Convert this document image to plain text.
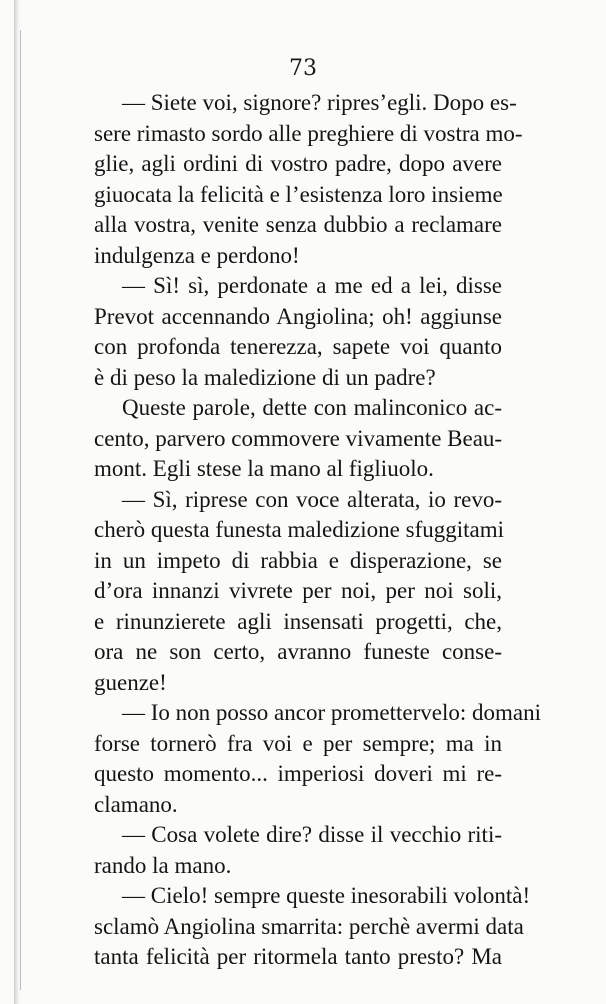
73

— Siete voi, signore? ripres’egli. Dopo es-
sere rimasto sordo alle preghiere di vostra mo-
glie, agli ordini di vostro padre, dopo avere
giuocata la felicità e l’esistenza loro insieme
alla vostra, venite senza dubbio a reclamare
indulgenza e perdono!

— Sì! sì, perdonate a me ed a lei, disse
Prevot accennando Angiolina; oh! aggiunse
con profonda tenerezza, sapete voi quanto
è di peso la maledizione di un padre?

Queste parole, dette con malinconico ac-
cento, parvero commovere vivamente Beau-
mont. Egli stese la mano al figliuolo.

— Sì, riprese con voce alterata, io revo-
cherò questa funesta maledizione sfuggitami
in un impeto di rabbia e disperazione, se
d’ora innanzi vivrete per noi, per noi soli,
e rinunzierete agli insensati progetti, che,
ora ne son certo, avranno funeste conse-
guenze!

— Io non posso ancor promettervelo: domani
forse tornerò fra voi e per sempre; ma in
questo momento... imperiosi doveri mi re-
clamano.

— Cosa volete dire? disse il vecchio riti-
rando la mano.

— Cielo! sempre queste inesorabili volontà!
sclamò Angiolina smarrita: perchè avermi data
tanta felicità per ritormela tanto presto? Ma
